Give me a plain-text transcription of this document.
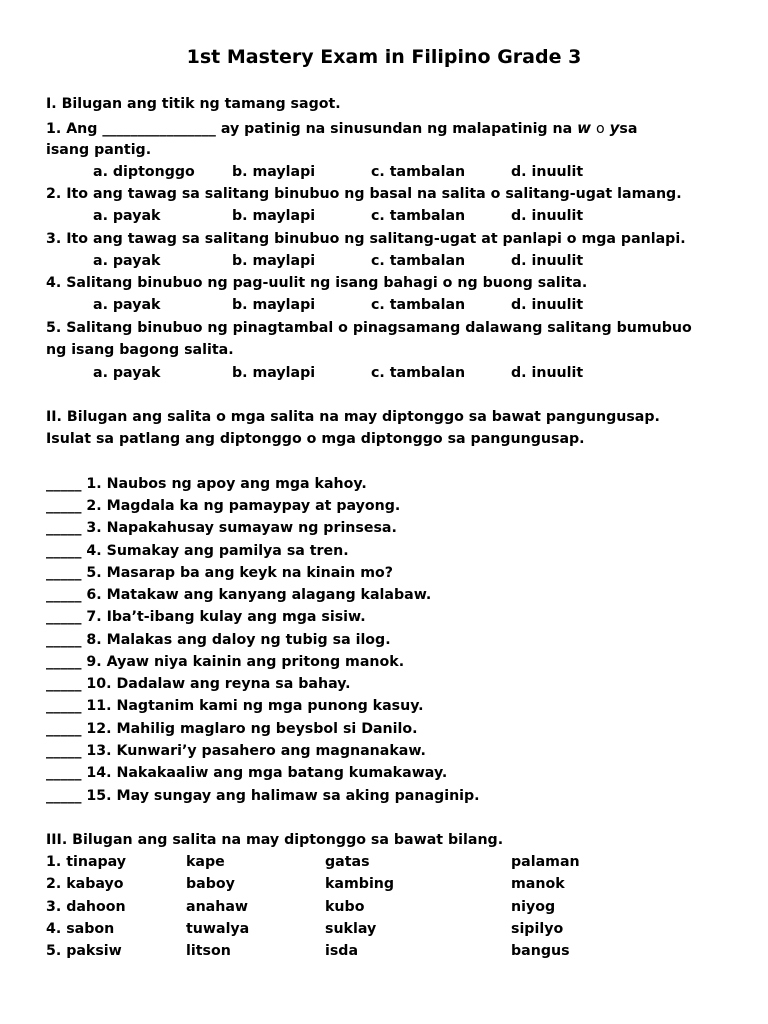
1st Mastery Exam in Filipino Grade 3
I. Bilugan ang titik ng tamang sagot.
1. Ang ________________ ay patinig na sinusundan ng malapatinig na w o ysa
isang pantig.
a. diptonggo	b. maylapi	c. tambalan	d. inuulit
2. Ito ang tawag sa salitang binubuo ng basal na salita o salitang-ugat lamang.
a. payak	b. maylapi	c. tambalan	d. inuulit
3. Ito ang tawag sa salitang binubuo ng salitang-ugat at panlapi o mga panlapi.
a. payak	b. maylapi	c. tambalan	d. inuulit
4. Salitang binubuo ng pag-uulit ng isang bahagi o ng buong salita.
a. payak	b. maylapi	c. tambalan	d. inuulit
5. Salitang binubuo ng pinagtambal o pinagsamang dalawang salitang bumubuo
ng isang bagong salita.
a. payak	b. maylapi	c. tambalan	d. inuulit
II. Bilugan ang salita o mga salita na may diptonggo sa bawat pangungusap.
Isulat sa patlang ang diptonggo o mga diptonggo sa pangungusap.
_____ 1. Naubos ng apoy ang mga kahoy.
_____ 2. Magdala ka ng pamaypay at payong.
_____ 3. Napakahusay sumayaw ng prinsesa.
_____ 4. Sumakay ang pamilya sa tren.
_____ 5. Masarap ba ang keyk na kinain mo?
_____ 6. Matakaw ang kanyang alagang kalabaw.
_____ 7. Iba’t-ibang kulay ang mga sisiw.
_____ 8. Malakas ang daloy ng tubig sa ilog.
_____ 9. Ayaw niya kainin ang pritong manok.
_____ 10. Dadalaw ang reyna sa bahay.
_____ 11. Nagtanim kami ng mga punong kasuy.
_____ 12. Mahilig maglaro ng beysbol si Danilo.
_____ 13. Kunwari’y pasahero ang magnanakaw.
_____ 14. Nakakaaliw ang mga batang kumakaway.
_____ 15. May sungay ang halimaw sa aking panaginip.
III. Bilugan ang salita na may diptonggo sa bawat bilang.
1. tinapay	kape	gatas	palaman
2. kabayo	baboy	kambing	manok
3. dahoon	anahaw	kubo	niyog
4. sabon	tuwalya	suklay	sipilyo
5. paksiw	litson	isda	bangus
